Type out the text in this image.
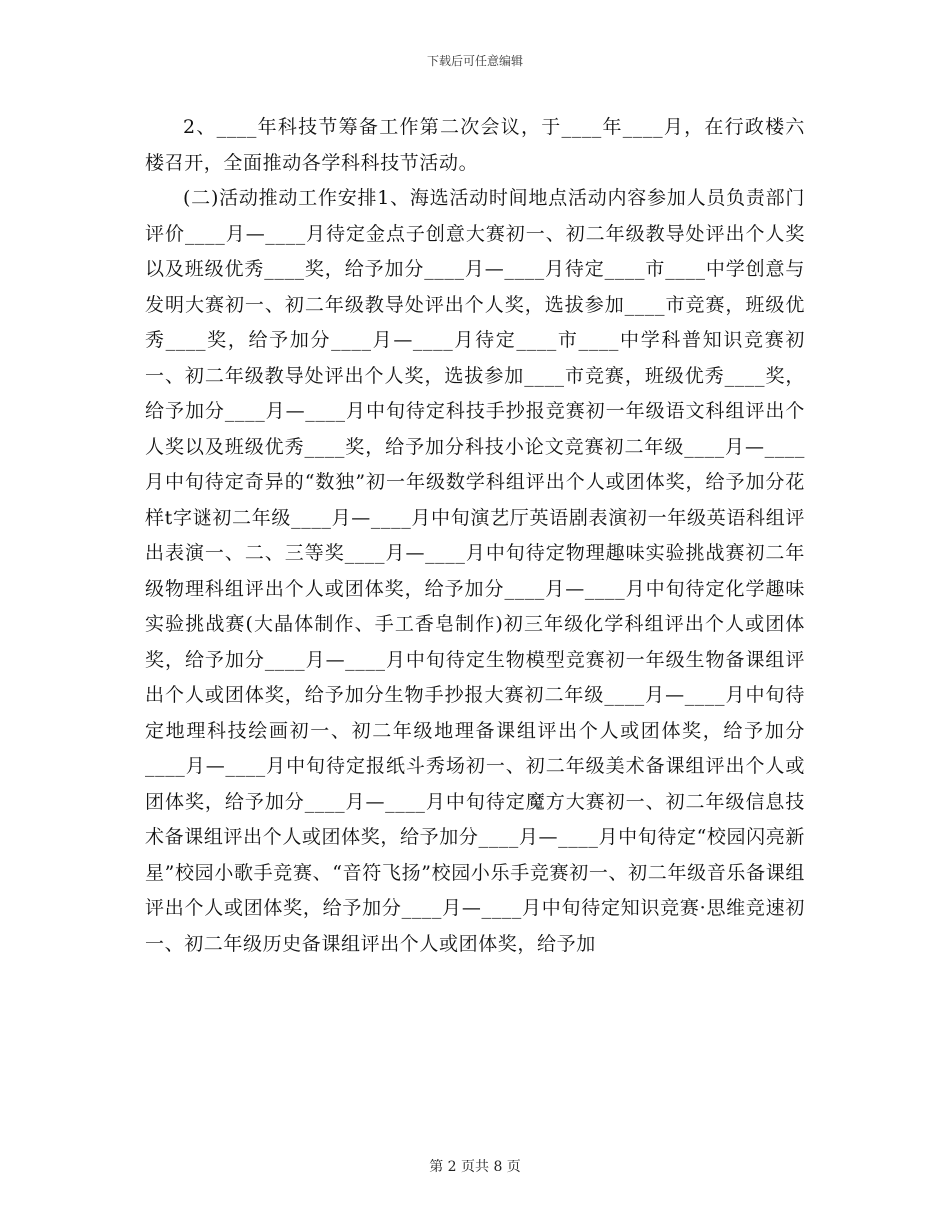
下载后可任意编辑

2、____年科技节筹备工作第二次会议，于____年____月，在行政楼六楼召开，全面推动各学科科技节活动。

(二)活动推动工作安排1、海选活动时间地点活动内容参加人员负责部门评价____月—____月待定金点子创意大赛初一、初二年级教导处评出个人奖以及班级优秀____奖，给予加分____月—____月待定____市____中学创意与发明大赛初一、初二年级教导处评出个人奖，选拔参加____市竞赛，班级优秀____奖，给予加分____月—____月待定____市____中学科普知识竞赛初一、初二年级教导处评出个人奖，选拔参加____市竞赛，班级优秀____奖，给予加分____月—____月中旬待定科技手抄报竞赛初一年级语文科组评出个人奖以及班级优秀____奖，给予加分科技小论文竞赛初二年级____月—____月中旬待定奇异的“数独”初一年级数学科组评出个人或团体奖，给予加分花样t字谜初二年级____月—____月中旬演艺厅英语剧表演初一年级英语科组评出表演一、二、三等奖____月—____月中旬待定物理趣味实验挑战赛初二年级物理科组评出个人或团体奖，给予加分____月—____月中旬待定化学趣味实验挑战赛(大晶体制作、手工香皂制作)初三年级化学科组评出个人或团体奖，给予加分____月—____月中旬待定生物模型竞赛初一年级生物备课组评出个人或团体奖，给予加分生物手抄报大赛初二年级____月—____月中旬待定地理科技绘画初一、初二年级地理备课组评出个人或团体奖，给予加分____月—____月中旬待定报纸斗秀场初一、初二年级美术备课组评出个人或团体奖，给予加分____月—____月中旬待定魔方大赛初一、初二年级信息技术备课组评出个人或团体奖，给予加分____月—____月中旬待定“校园闪亮新星”校园小歌手竞赛、“音符飞扬”校园小乐手竞赛初一、初二年级音乐备课组评出个人或团体奖，给予加分____月—____月中旬待定知识竞赛·思维竞速初一、初二年级历史备课组评出个人或团体奖，给予加

第 2 页共 8 页
